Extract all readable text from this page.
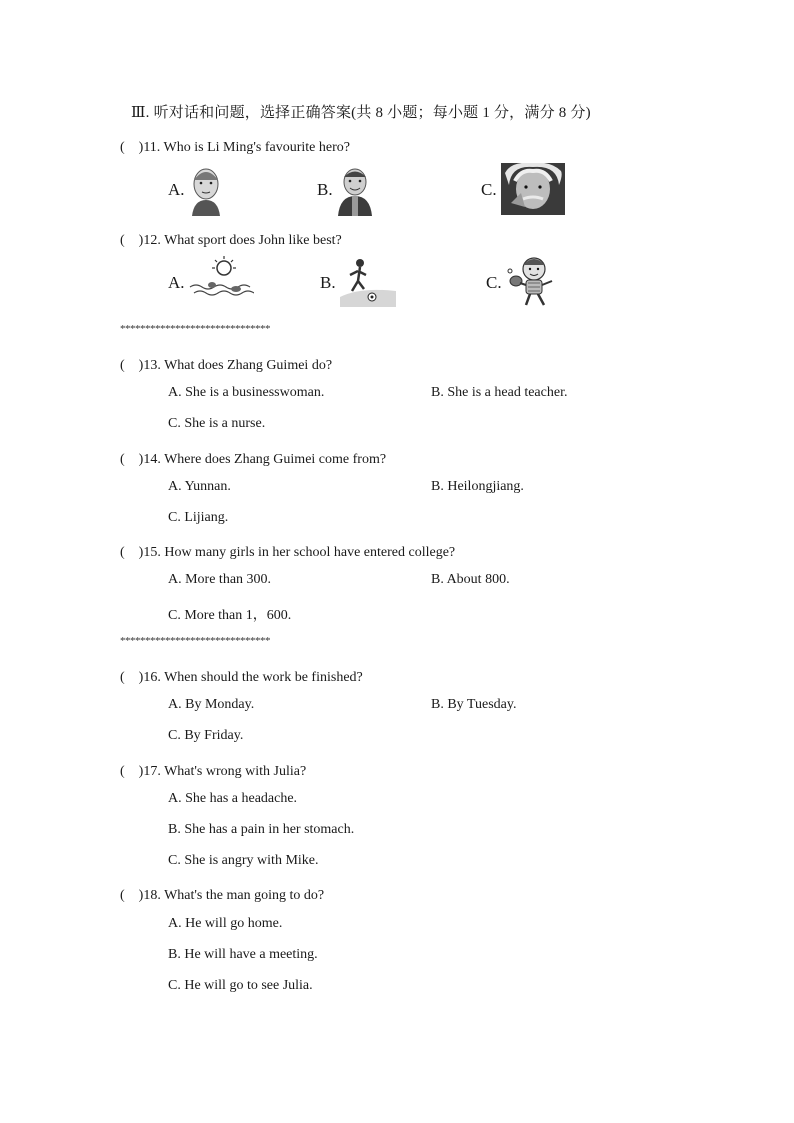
Ⅲ. 听对话和问题，选择正确答案(共 8 小题；每小题 1 分，满分 8 分)
(　)11. Who is Li Ming's favourite hero?
A.	B.	C.
(　)12. What sport does John like best?
A.	B.	C.
******************************
(　)13. What does Zhang Guimei do?
A. She is a businesswoman.	B. She is a head teacher.
C. She is a nurse.
(　)14. Where does Zhang Guimei come from?
A. Yunnan.	B. Heilongjiang.
C. Lijiang.
(　)15. How many girls in her school have entered college?
A. More than 300.	B. About 800.
C. More than 1，600.
******************************
(　)16. When should the work be finished?
A. By Monday.	B. By Tuesday.
C. By Friday.
(　)17. What's wrong with Julia?
A. She has a headache.
B. She has a pain in her stomach.
C. She is angry with Mike.
(　)18. What's the man going to do?
A. He will go home.
B. He will have a meeting.
C. He will go to see Julia.
